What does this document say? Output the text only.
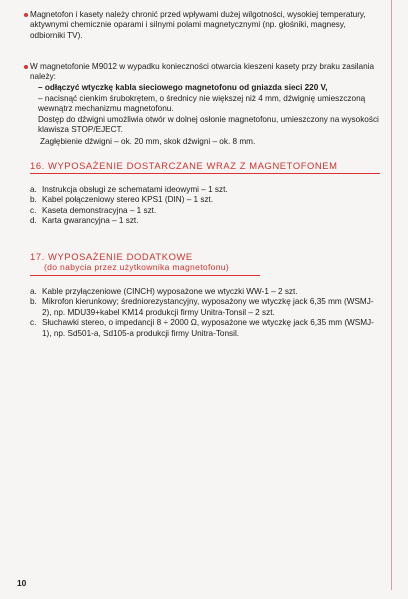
Magnetofon i kasety należy chronić przed wpływami dużej wilgotności, wysokiej temperatury, aktywnymi chemicznie oparami i silnymi polami magnetycznymi (np. głośniki, magnesy, odbiorniki TV).
W magnetofonie M9012 w wypadku konieczności otwarcia kieszeni kasety przy braku zasilania należy:
– odłączyć wtyczkę kabla sieciowego magnetofonu od gniazda sieci 220 V,
– nacisnąć cienkim śrubokrętem, o średnicy nie większej niż 4 mm, dźwignię umieszczoną wewnątrz mechanizmu magnetofonu.
Dostęp do dźwigni umożliwia otwór w dolnej osłonie magnetofonu, umieszczony na wysokości klawisza STOP/EJECT.
Zagłębienie dźwigni – ok. 20 mm, skok dźwigni – ok. 8 mm.
16. WYPOSAŻENIE DOSTARCZANE WRAZ Z MAGNETOFONEM
a. Instrukcja obsługi ze schematami ideowymi – 1 szt.
b. Kabel połączeniowy stereo KPS1 (DIN) – 1 szt.
c. Kaseta demonstracyjna – 1 szt.
d. Karta gwarancyjna – 1 szt.
17. WYPOSAŻENIE DODATKOWE
(do nabycia przez użytkownika magnetofonu)
a. Kable przyłączeniowe (CINCH) wyposażone we wtyczki WW-1 – 2 szt.
b. Mikrofon kierunkowy; średniorezystancyjny, wyposażony we wtyczkę jack 6,35 mm (WSMJ-2), np. MDU39+kabel KM14 produkcji firmy Unitra-Tonsil – 2 szt.
c. Słuchawki stereo, o impedancji 8 ÷ 2000 Ω, wyposażone we wtyczkę jack 6,35 mm (WSMJ-1), np. Sd501-a, Sd105-a produkcji firmy Unitra-Tonsil.
10
